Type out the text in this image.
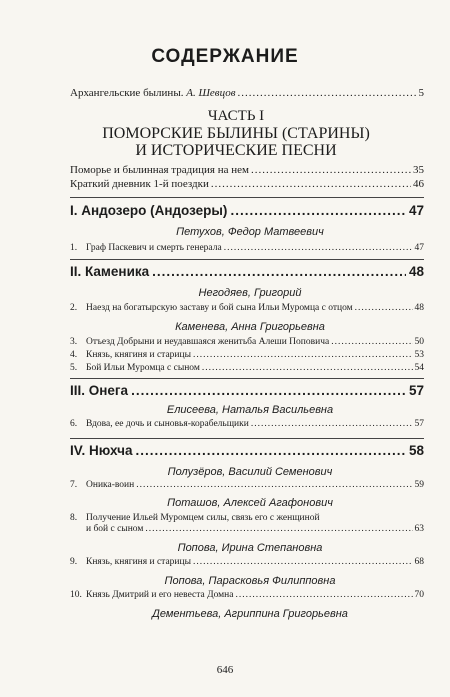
СОДЕРЖАНИЕ
Архангельские былины. А. Шевцов .....	5
ЧАСТЬ I
ПОМОРСКИЕ БЫЛИНЫ (СТАРИНЫ)
И ИСТОРИЧЕСКИЕ ПЕСНИ
Поморье и былинная традиция на нем .....	35
Краткий дневник 1-й поездки .....	46
I. Андозеро (Андозеры) .....	47
Петухов, Федор Матвеевич
1. Граф Паскевич и смерть генерала .....	47
II. Каменика .....	48
Негодяев, Григорий
2. Наезд на богатырскую заставу и бой сына Ильи Муромца с отцом .....	48
Каменева, Анна Григорьевна
3. Отъезд Добрыни и неудавшаяся женитьба Алеши Поповича .....	50
4. Князь, княгиня и старицы .....	53
5. Бой Ильи Муромца с сыном .....	54
III. Онега .....	57
Елисеева, Наталья Васильевна
6. Вдова, ее дочь и сыновья-корабельщики .....	57
IV. Нюхча .....	58
Полузёров, Василий Семенович
7. Оника-воин .....	59
Поташов, Алексей Агафонович
8. Получение Ильей Муромцем силы, связь его с женщиной
и бой с сыном .....	63
Попова, Ирина Степановна
9. Князь, княгиня и старицы .....	68
Попова, Парасковья Филипповна
10. Князь Дмитрий и его невеста Домна .....	70
Дементьева, Агриппина Григорьевна
646
